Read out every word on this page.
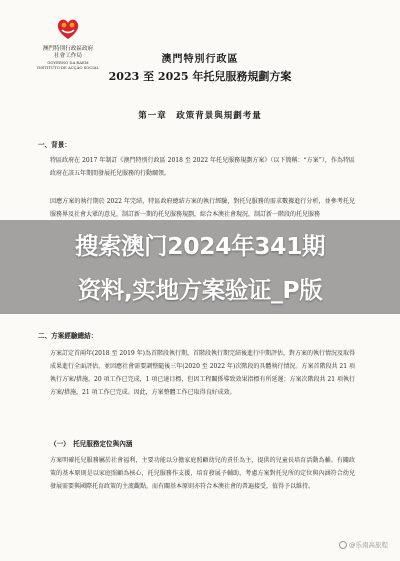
澳門特別行政區政府
社會工作局
GOVERNO DA RAEM
INSTITUTO DE ACÇÃO SOCIAL
澳門特別行政區
2023 至 2025 年托兒服務規劃方案
第一章　政策背景與規劃考量
一、背景：
特區政府在 2017 年制訂《澳門特別行政區 2018 至 2022 年托兒服務規劃方案》（以下簡稱：“方案”），作為特區政府在該五年期間發展托兒服務的行動綱領。
因應方案的執行期於 2022 年完結，特區政府總結方案的執行經驗，對托兒服務的需求數據進行分析，並參考托兒服務界及社會大眾的意見，制訂新一期的托兒服務規劃，綜合本澳社會現況，制訂新一階段的托兒服務
二、方案經驗總結：
方案訂定首兩年(2018 至 2019 年)為首階段執行期，首階段執行期完結後進行中期評估，對方案的執行情況及取得成果進行全面評估，並因應社會需要調整隨後三年(2020 至 2022 年)次階段的具體執行情況。方案首階段共 21 項執行方案/措施，20 項工作已完成，1 項已達目標，但因工程關係導致效果指標有所延遲；方案次階段共 21 項執行方案/措施，21 項工作已完成。因此，方案整體工作已取得良好成效。
（一）　托兒服務定位與內涵
方案明確托兒服務屬於社會福利，主要功能以分擔家庭照顧幼兒的責任為主，提供的兒童長培育活動為輔。有關政策的基本原則是以家庭照顧為核心，托兒服務作支援，培育發展予輔助，考慮方案對托兒所的定位與內涵符合幼兒發展需要與國際托育政策的主流觀點，而有關基本原則亦符合本澳社會的普遍接受，值得予以維持。
搜索澳门2024年341期
资料,实地方案验证_P版
@乐南高旅程
